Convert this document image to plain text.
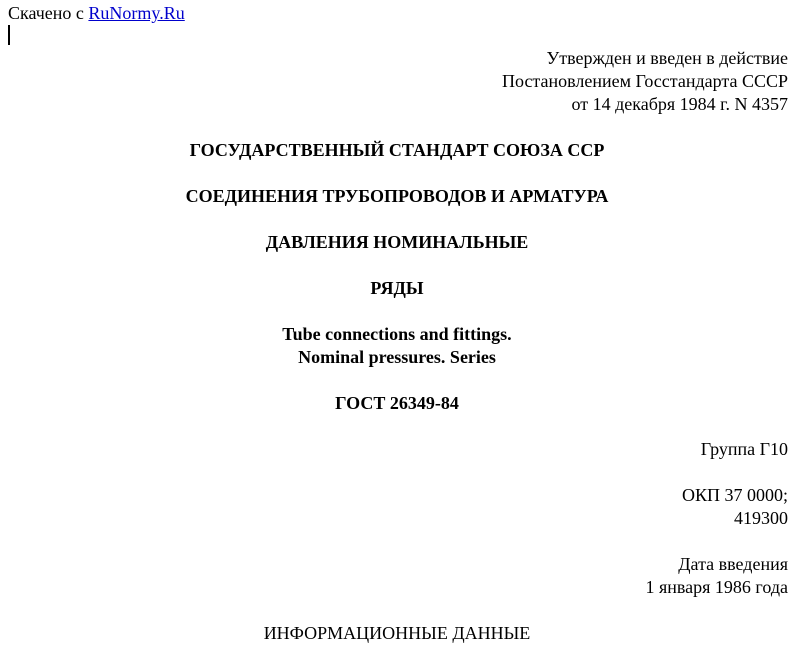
Скачено с RuNormy.Ru
Утвержден и введен в действие
Постановлением Госстандарта СССР
от 14 декабря 1984 г. N 4357
ГОСУДАРСТВЕННЫЙ СТАНДАРТ СОЮЗА ССР
СОЕДИНЕНИЯ ТРУБОПРОВОДОВ И АРМАТУРА
ДАВЛЕНИЯ НОМИНАЛЬНЫЕ
РЯДЫ
Tube connections and fittings.
Nominal pressures. Series
ГОСТ 26349-84
Группа Г10
ОКП 37 0000;
419300
Дата введения
1 января 1986 года
ИНФОРМАЦИОННЫЕ ДАННЫЕ
